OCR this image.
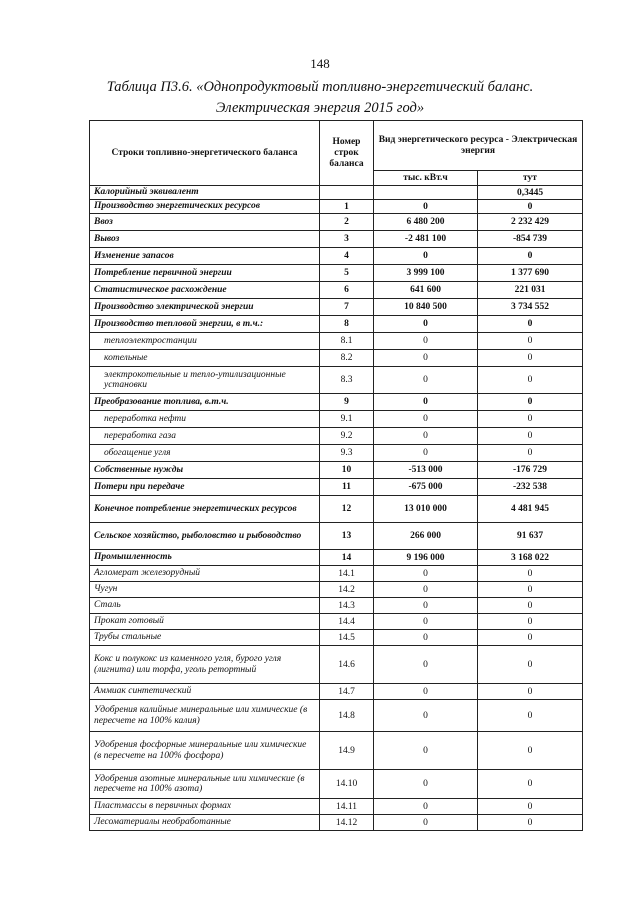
148
Таблица П3.6. «Однопродуктовый топливно-энергетический баланс.
Электрическая энергия 2015 год»
Строки топливно-энергетического баланса	Номер строк баланса	Вид энергетического ресурса - Электрическая энергия	
		тыс. кВт.ч	тут
Калорийный эквивалент			0,3445
Производство энергетических ресурсов	1	0	0
Ввоз	2	6 480 200	2 232 429
Вывоз	3	-2 481 100	-854 739
Изменение запасов	4	0	0
Потребление первичной энергии	5	3 999 100	1 377 690
Статистическое расхождение	6	641 600	221 031
Производство электрической энергии	7	10 840 500	3 734 552
Производство тепловой энергии, в т.ч.:	8	0	0
теплоэлектростанции	8.1	0	0
котельные	8.2	0	0
электрокотельные и тепло-утилизационные установки	8.3	0	0
Преобразование топлива, в.т.ч.	9	0	0
переработка нефти	9.1	0	0
переработка газа	9.2	0	0
обогащение угля	9.3	0	0
Собственные нужды	10	-513 000	-176 729
Потери при передаче	11	-675 000	-232 538
Конечное потребление энергетических ресурсов	12	13 010 000	4 481 945
Сельское хозяйство, рыболовство и рыбоводство	13	266 000	91 637
Промышленность	14	9 196 000	3 168 022
Агломерат железорудный	14.1	0	0
Чугун	14.2	0	0
Сталь	14.3	0	0
Прокат готовый	14.4	0	0
Трубы стальные	14.5	0	0
Кокс и полукокс из каменного угля, бурого угля (лигнита) или торфа, уголь ретортный	14.6	0	0
Аммиак синтетический	14.7	0	0
Удобрения калийные минеральные или химические (в пересчете на 100% калия)	14.8	0	0
Удобрения фосфорные минеральные или химические (в пересчете на 100% фосфора)	14.9	0	0
Удобрения азотные минеральные или химические (в пересчете на 100% азота)	14.10	0	0
Пластмассы в первичных формах	14.11	0	0
Лесоматериалы необработанные	14.12	0	0
